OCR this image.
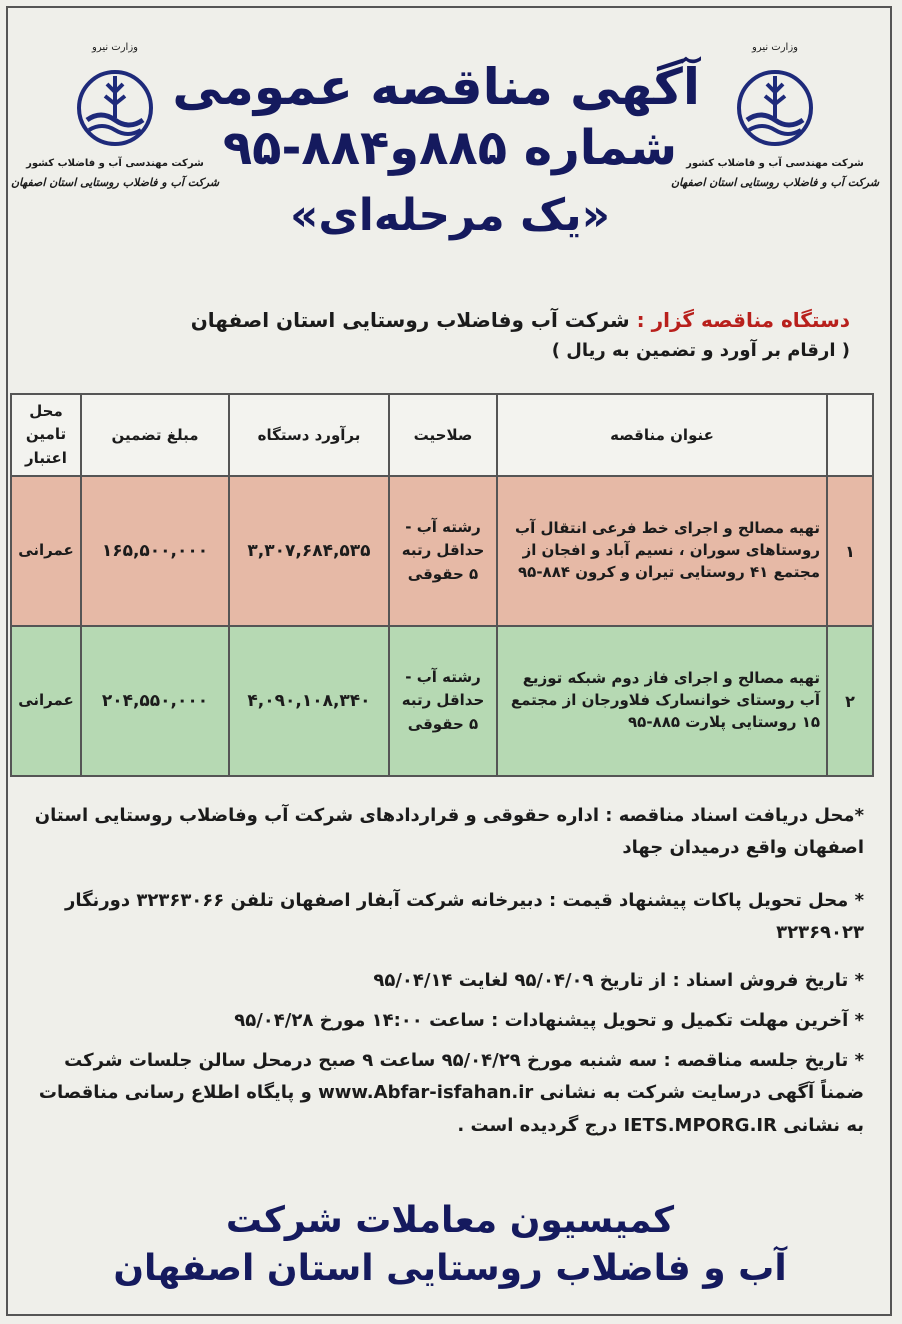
وزارت نیرو
شرکت مهندسی آب و فاضلاب کشور
شرکت آب و فاضلاب روستایی استان اصفهان
وزارت نیرو
شرکت مهندسی آب و فاضلاب کشور
شرکت آب و فاضلاب روستایی استان اصفهان
آگهی مناقصه عمومی
شماره ۸۸۵و۸۸۴-۹۵
«یک مرحله‌ای»
دستگاه مناقصه گزار : شرکت آب وفاضلاب روستایی استان اصفهان
( ارقام بر آورد و تضمین به ریال )
	عنوان مناقصه	صلاحیت	برآورد دستگاه	مبلغ تضمین	محل تامین اعتبار
۱	تهیه مصالح و اجرای خط فرعی انتقال آب روستاهای سوران ، نسیم آباد و افجان از مجتمع ۴۱ روستایی تیران و کرون ۸۸۴-۹۵	رشته آب - حداقل رتبه ۵ حقوقی	۳,۳۰۷,۶۸۴,۵۳۵	۱۶۵,۵۰۰,۰۰۰	عمرانی
۲	تهیه مصالح و اجرای فاز دوم شبکه توزیع آب روستای خوانسارک فلاورجان از مجتمع ۱۵ روستایی پلارت ۸۸۵-۹۵	رشته آب - حداقل رتبه ۵ حقوقی	۴,۰۹۰,۱۰۸,۳۴۰	۲۰۴,۵۵۰,۰۰۰	عمرانی
*محل دریافت اسناد مناقصه : اداره حقوقی و قراردادهای شرکت آب وفاضلاب روستایی استان اصفهان واقع درمیدان جهاد
* محل تحویل پاکات پیشنهاد قیمت : دبیرخانه شرکت آبفار اصفهان تلفن ۳۲۳۶۳۰۶۶ دورنگار ۳۲۳۶۹۰۲۳
* تاریخ فروش اسناد : از تاریخ ۹۵/۰۴/۰۹ لغایت ۹۵/۰۴/۱۴
* آخرین مهلت تکمیل و تحویل پیشنهادات : ساعت ۱۴:۰۰ مورخ ۹۵/۰۴/۲۸
* تاریخ جلسه مناقصه : سه شنبه مورخ ۹۵/۰۴/۲۹ ساعت ۹ صبح درمحل سالن جلسات شرکت
ضمناً آگهی درسایت شرکت به نشانی www.Abfar-isfahan.ir و پایگاه اطلاع رسانی مناقصات به نشانی IETS.MPORG.IR درج گردیده است .
کمیسیون معاملات شرکت
آب و فاضلاب روستایی استان اصفهان
